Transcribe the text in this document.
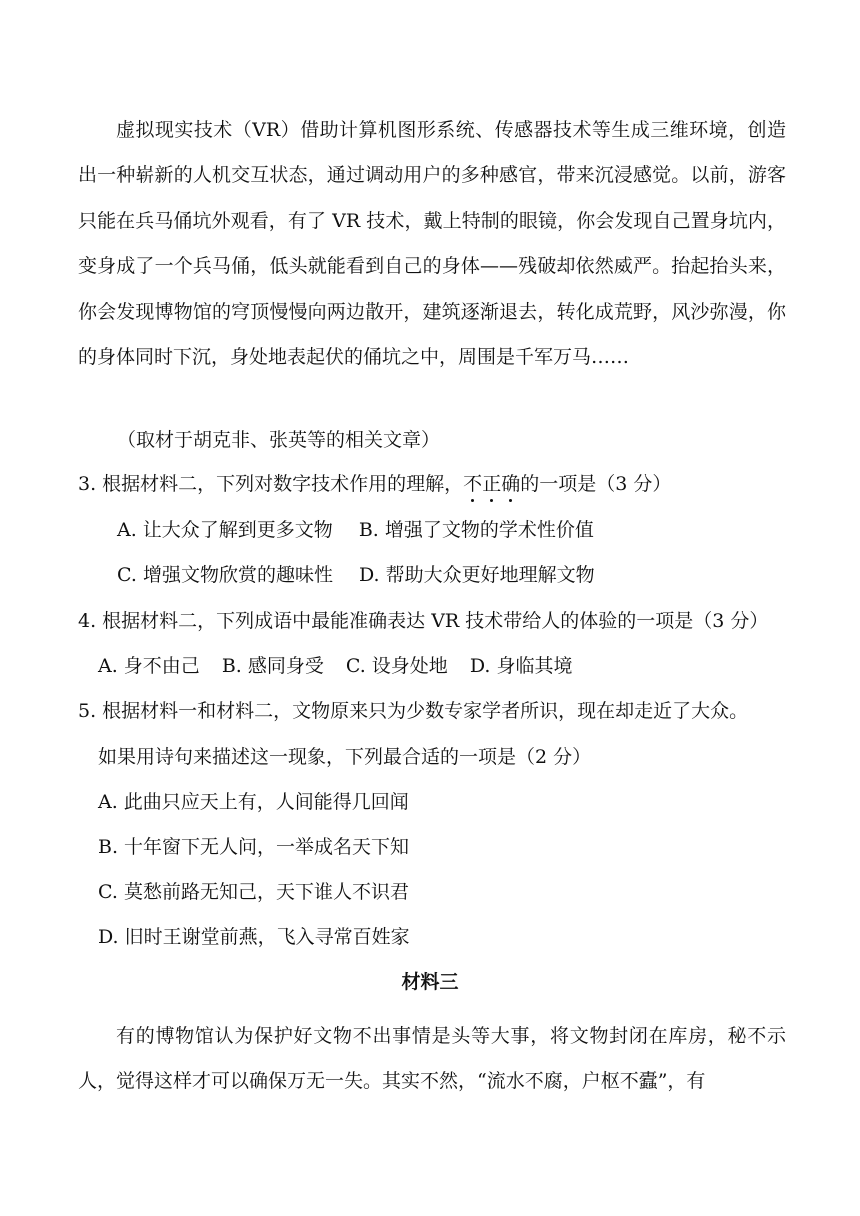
虚拟现实技术（VR）借助计算机图形系统、传感器技术等生成三维环境，创造出一种崭新的人机交互状态，通过调动用户的多种感官，带来沉浸感觉。以前，游客只能在兵马俑坑外观看，有了 VR 技术，戴上特制的眼镜，你会发现自己置身坑内，变身成了一个兵马俑，低头就能看到自己的身体——残破却依然威严。抬起抬头来，你会发现博物馆的穹顶慢慢向两边散开，建筑逐渐退去，转化成荒野，风沙弥漫，你的身体同时下沉，身处地表起伏的俑坑之中，周围是千军万马……

（取材于胡克非、张英等的相关文章）

3. 根据材料二，下列对数字技术作用的理解，不正确的一项是（3 分）

A. 让大众了解到更多文物 B. 增强了文物的学术性价值

C. 增强文物欣赏的趣味性 D. 帮助大众更好地理解文物

4. 根据材料二，下列成语中最能准确表达 VR 技术带给人的体验的一项是（3 分）

A. 身不由己 B. 感同身受 C. 设身处地 D. 身临其境

5. 根据材料一和材料二，文物原来只为少数专家学者所识，现在却走近了大众。

如果用诗句来描述这一现象，下列最合适的一项是（2 分）

A. 此曲只应天上有，人间能得几回闻

B. 十年窗下无人问，一举成名天下知

C. 莫愁前路无知己，天下谁人不识君

D. 旧时王谢堂前燕，飞入寻常百姓家

材料三

有的博物馆认为保护好文物不出事情是头等大事，将文物封闭在库房，秘不示人，觉得这样才可以确保万无一失。其实不然，“流水不腐，户枢不蠹”，有
